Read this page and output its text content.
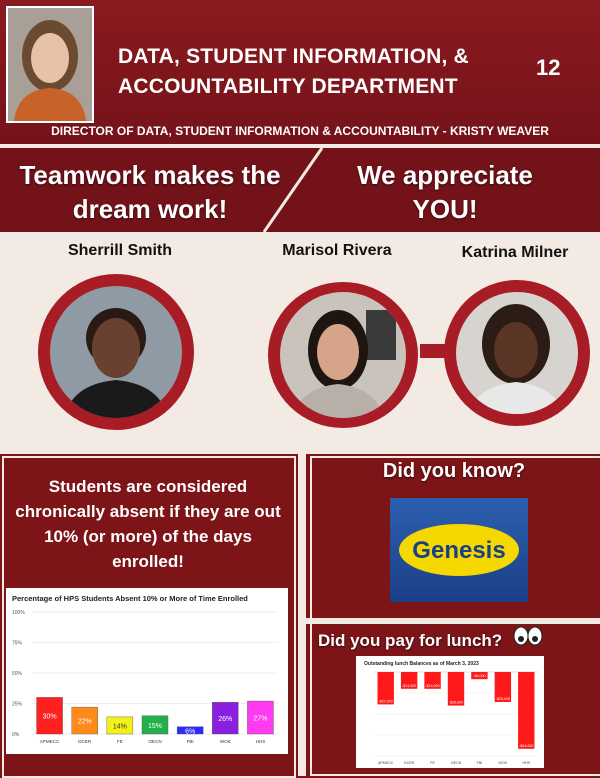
DATA, STUDENT INFORMATION, &
ACCOUNTABILITY DEPARTMENT
12
DIRECTOR OF DATA, STUDENT INFORMATION & ACCOUNTABILITY - KRISTY WEAVER
Teamwork makes the
dream work!
We appreciate
YOU!
Sherrill Smith	Marisol Rivera	Katrina Milner
Students are considered chronically absent if they are out 10% (or more) of the days enrolled!
Percentage of HPS Students Absent 10% or More of Time Enrolled
0%
25%
50%
75%
100%
30%
APMECC
22%
DCER
14%
FE
15%
OECN
6%
FBI
26%
WOK
27%
HHS
Did you know?
Genesis
Did you pay for lunch?
Outstanding lunch Balances as of March 3, 2023
-$27,000
APMECC
-$14,000
DCER
-$14,000
FE
-$28,000
OECN
-$6,000
FBI
-$25,000
WOK
-$64,000
HHS
